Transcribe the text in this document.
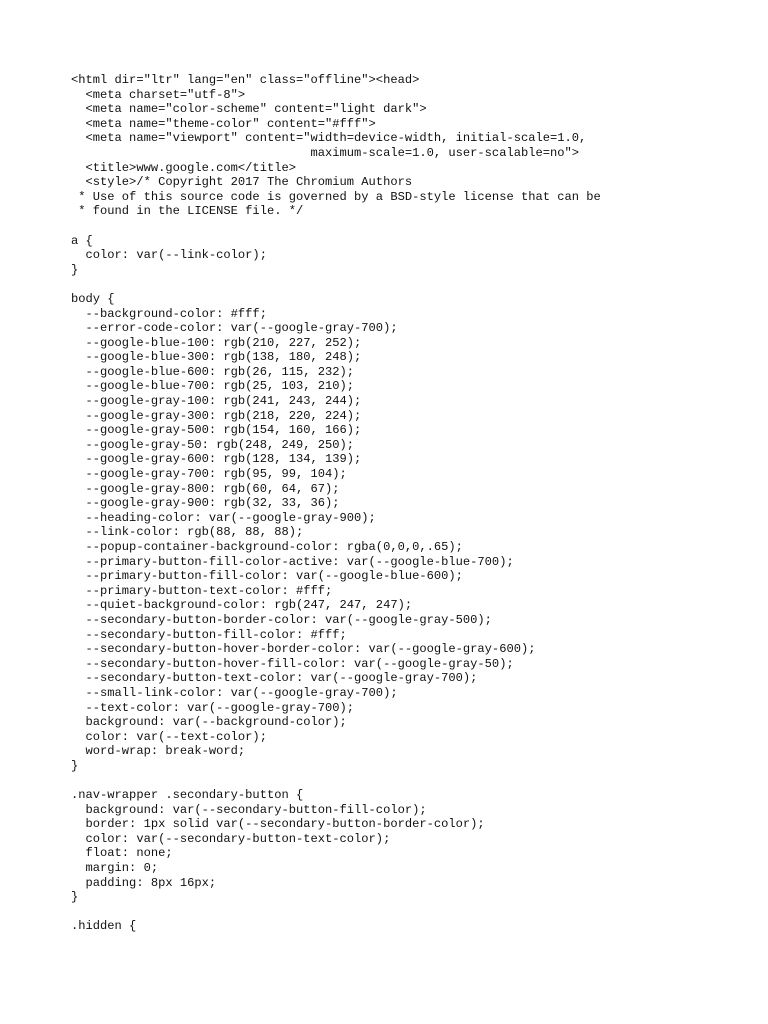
<html dir="ltr" lang="en" class="offline"><head>
<meta charset="utf-8">
<meta name="color-scheme" content="light dark">
<meta name="theme-color" content="#fff">
<meta name="viewport" content="width=device-width, initial-scale=1.0,
maximum-scale=1.0, user-scalable=no">
<title>www.google.com</title>
<style>/* Copyright 2017 The Chromium Authors
* Use of this source code is governed by a BSD-style license that can be
* found in the LICENSE file. */
a {
color: var(--link-color);
}
body {
--background-color: #fff;
--error-code-color: var(--google-gray-700);
--google-blue-100: rgb(210, 227, 252);
--google-blue-300: rgb(138, 180, 248);
--google-blue-600: rgb(26, 115, 232);
--google-blue-700: rgb(25, 103, 210);
--google-gray-100: rgb(241, 243, 244);
--google-gray-300: rgb(218, 220, 224);
--google-gray-500: rgb(154, 160, 166);
--google-gray-50: rgb(248, 249, 250);
--google-gray-600: rgb(128, 134, 139);
--google-gray-700: rgb(95, 99, 104);
--google-gray-800: rgb(60, 64, 67);
--google-gray-900: rgb(32, 33, 36);
--heading-color: var(--google-gray-900);
--link-color: rgb(88, 88, 88);
--popup-container-background-color: rgba(0,0,0,.65);
--primary-button-fill-color-active: var(--google-blue-700);
--primary-button-fill-color: var(--google-blue-600);
--primary-button-text-color: #fff;
--quiet-background-color: rgb(247, 247, 247);
--secondary-button-border-color: var(--google-gray-500);
--secondary-button-fill-color: #fff;
--secondary-button-hover-border-color: var(--google-gray-600);
--secondary-button-hover-fill-color: var(--google-gray-50);
--secondary-button-text-color: var(--google-gray-700);
--small-link-color: var(--google-gray-700);
--text-color: var(--google-gray-700);
background: var(--background-color);
color: var(--text-color);
word-wrap: break-word;
}
.nav-wrapper .secondary-button {
background: var(--secondary-button-fill-color);
border: 1px solid var(--secondary-button-border-color);
color: var(--secondary-button-text-color);
float: none;
margin: 0;
padding: 8px 16px;
}
.hidden {
